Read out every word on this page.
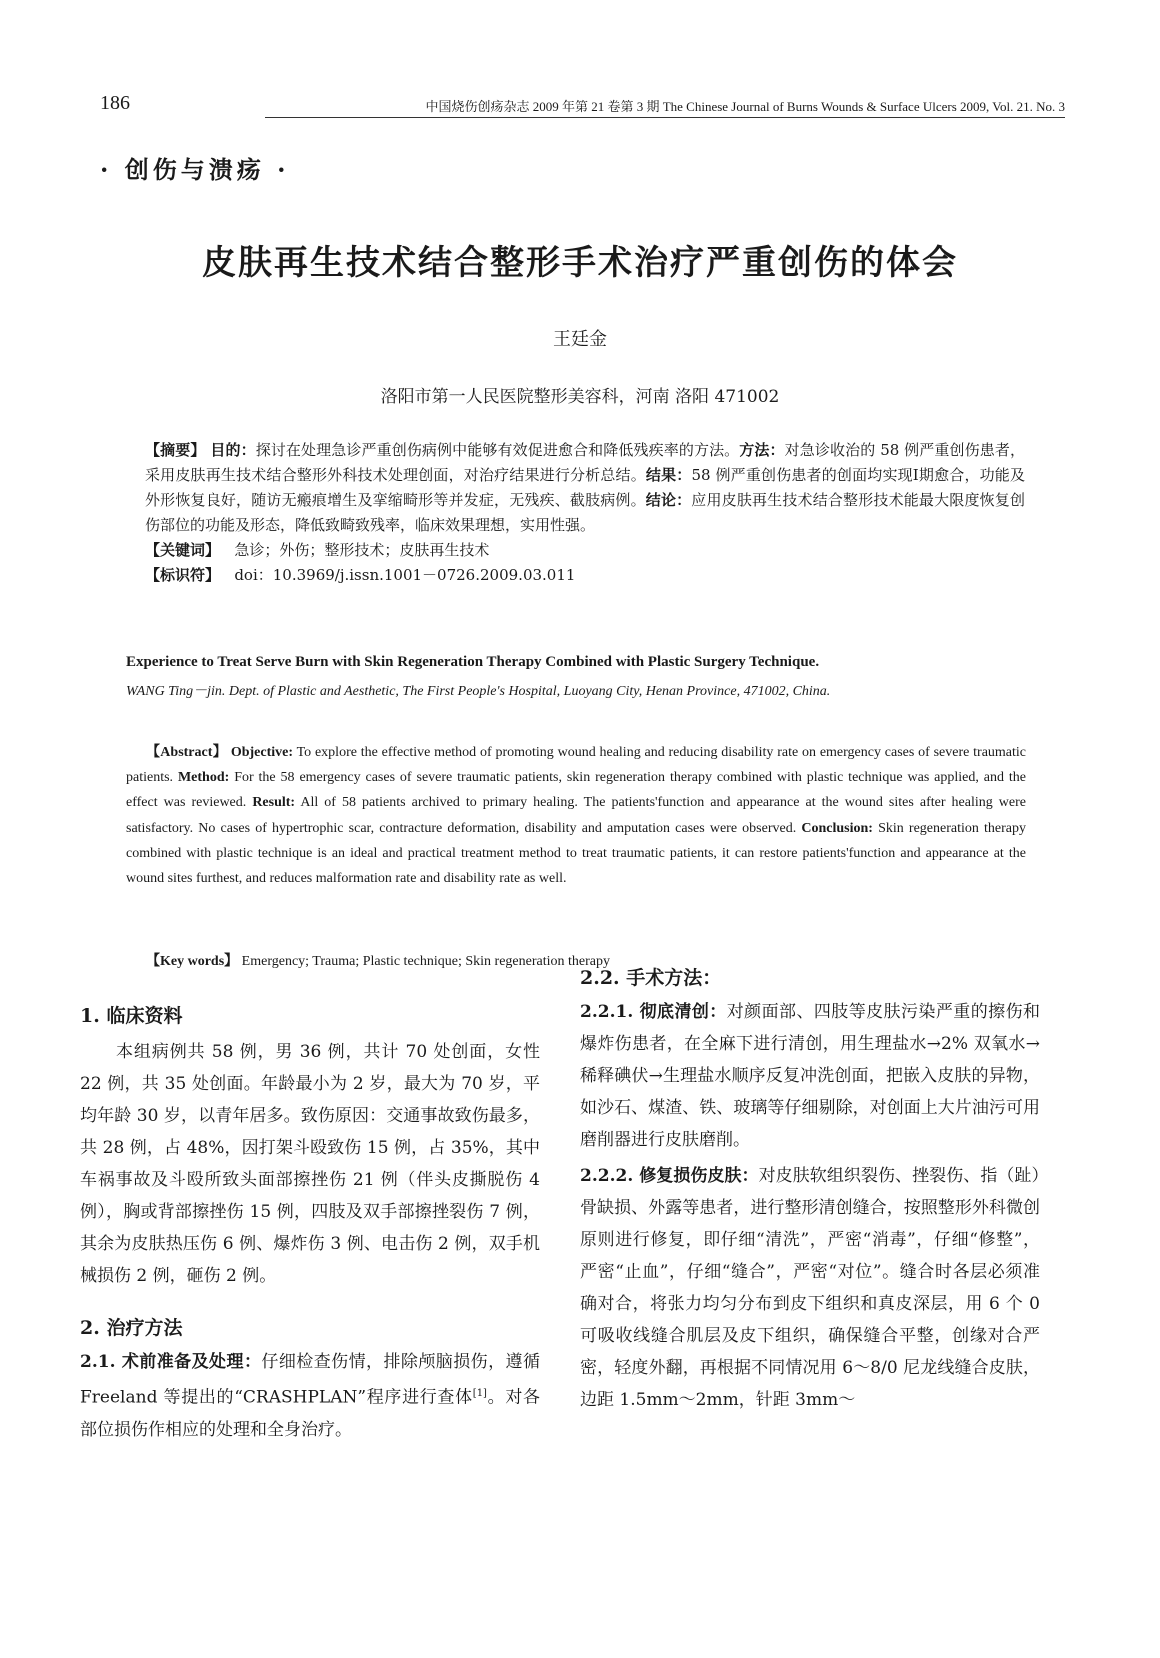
186	中国烧伤创疡杂志 2009 年第 21 卷第 3 期 The Chinese Journal of Burns Wounds & Surface Ulcers 2009, Vol. 21. No. 3
· 创伤与溃疡 ·
皮肤再生技术结合整形手术治疗严重创伤的体会
王廷金
洛阳市第一人民医院整形美容科，河南 洛阳 471002
【摘要】 目的：探讨在处理急诊严重创伤病例中能够有效促进愈合和降低残疾率的方法。方法：对急诊收治的 58 例严重创伤患者，采用皮肤再生技术结合整形外科技术处理创面，对治疗结果进行分析总结。结果：58 例严重创伤患者的创面均实现Ⅰ期愈合，功能及外形恢复良好，随访无瘢痕增生及挛缩畸形等并发症，无残疾、截肢病例。结论：应用皮肤再生技术结合整形技术能最大限度恢复创伤部位的功能及形态，降低致畸致残率，临床效果理想，实用性强。
【关键词】 急诊；外伤；整形技术；皮肤再生技术
【标识符】 doi：10.3969/j.issn.1001－0726.2009.03.011
Experience to Treat Serve Burn with Skin Regeneration Therapy Combined with Plastic Surgery Technique.
WANG Ting－jin. Dept. of Plastic and Aesthetic, The First People's Hospital, Luoyang City, Henan Province, 471002, China.
【Abstract】 Objective: To explore the effective method of promoting wound healing and reducing disability rate on emergency cases of severe traumatic patients. Method: For the 58 emergency cases of severe traumatic patients, skin regeneration therapy combined with plastic technique was applied, and the effect was reviewed. Result: All of 58 patients archived to primary healing. The patients'function and appearance at the wound sites after healing were satisfactory. No cases of hypertrophic scar, contracture deformation, disability and amputation cases were observed. Conclusion: Skin regeneration therapy combined with plastic technique is an ideal and practical treatment method to treat traumatic patients, it can restore patients'function and appearance at the wound sites furthest, and reduces malformation rate and disability rate as well.
【Key words】 Emergency; Trauma; Plastic technique; Skin regeneration therapy
1. 临床资料

本组病例共 58 例，男 36 例，共计 70 处创面，女性 22 例，共 35 处创面。年龄最小为 2 岁，最大为 70 岁，平均年龄 30 岁，以青年居多。致伤原因：交通事故致伤最多，共 28 例，占 48%，因打架斗殴致伤 15 例，占 35%，其中车祸事故及斗殴所致头面部擦挫伤 21 例（伴头皮撕脱伤 4 例），胸或背部擦挫伤 15 例，四肢及双手部擦挫裂伤 7 例，其余为皮肤热压伤 6 例、爆炸伤 3 例、电击伤 2 例，双手机械损伤 2 例，砸伤 2 例。

2. 治疗方法

2.1. 术前准备及处理：仔细检查伤情，排除颅脑损伤，遵循 Freeland 等提出的“CRASHPLAN”程序进行查体[1]。对各部位损伤作相应的处理和全身治疗。

2.2. 手术方法：

2.2.1. 彻底清创：对颜面部、四肢等皮肤污染严重的擦伤和爆炸伤患者，在全麻下进行清创，用生理盐水→2% 双氧水→稀释碘伏→生理盐水顺序反复冲洗创面，把嵌入皮肤的异物，如沙石、煤渣、铁、玻璃等仔细剔除，对创面上大片油污可用磨削器进行皮肤磨削。

2.2.2. 修复损伤皮肤：对皮肤软组织裂伤、挫裂伤、指（趾）骨缺损、外露等患者，进行整形清创缝合，按照整形外科微创原则进行修复，即仔细“清洗”，严密“消毒”，仔细“修整”，严密“止血”，仔细“缝合”，严密“对位”。缝合时各层必须准确对合，将张力均匀分布到皮下组织和真皮深层，用 6 个 0 可吸收线缝合肌层及皮下组织，确保缝合平整，创缘对合严密，轻度外翻，再根据不同情况用 6～8/0 尼龙线缝合皮肤，边距 1.5mm～2mm，针距 3mm～
